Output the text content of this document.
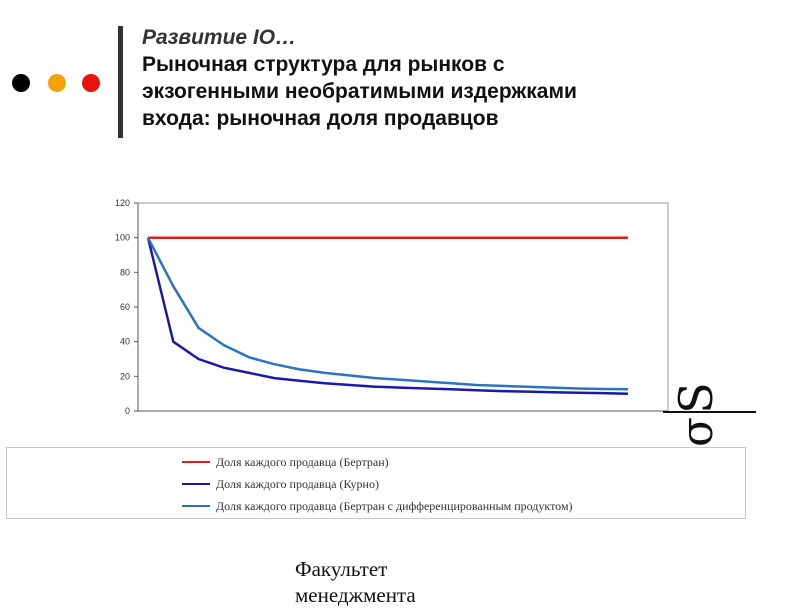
Развитие IO…
Рыночная структура для рынков с
экзогенными необратимыми издержками
входа: рыночная доля продавцов
0
20
40
60
80
100
120
S
σ
Доля каждого продавца (Бертран)
Доля каждого продавца (Курно)
Доля каждого продавца (Бертран с дифференцированным продуктом)
Факультет
менеджмента
